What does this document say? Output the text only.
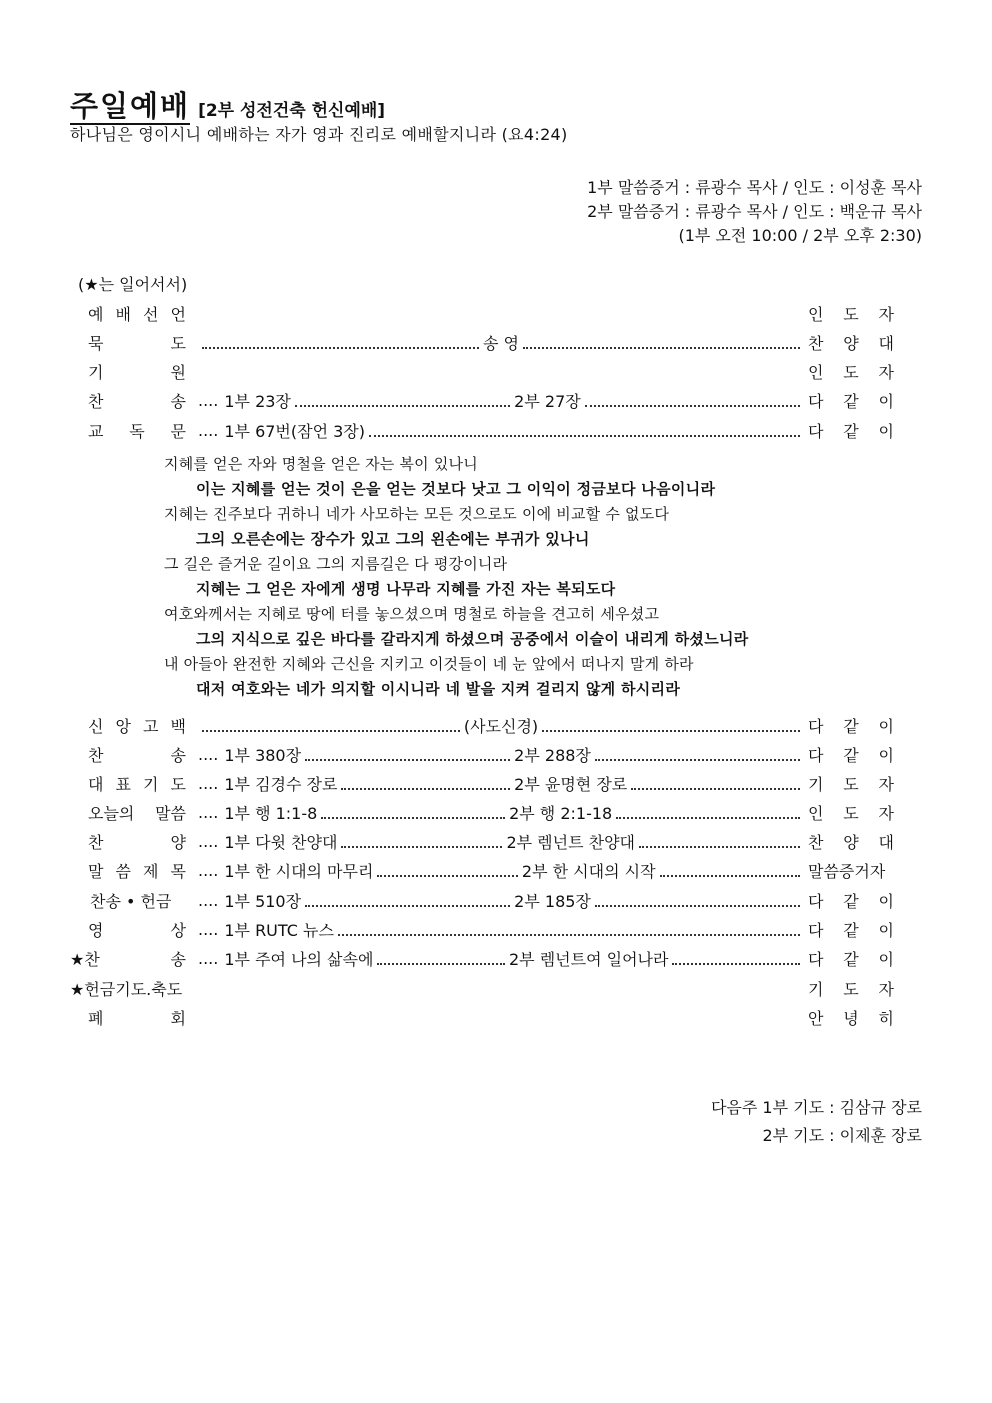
주일예배 [2부 성전건축 헌신예배]
하나님은 영이시니 예배하는 자가 영과 진리로 예배할지니라 (요4:24)
1부 말씀증거 : 류광수 목사 / 인도 : 이성훈 목사
2부 말씀증거 : 류광수 목사 / 인도 : 백운규 목사
(1부 오전 10:00 / 2부 오후 2:30)
(★는 일어서서)
예 배 선 언	인 도 자
묵	도	송 영	찬 양 대
기	원	인 도 자
찬	송 .... 1부 23장	2부 27장	다 같 이
교 독 문 .... 1부 67번(잠언 3장)	다 같 이
지혜를 얻은 자와 명철을 얻은 자는 복이 있나니
이는 지혜를 얻는 것이 은을 얻는 것보다 낫고 그 이익이 정금보다 나음이니라
지혜는 진주보다 귀하니 네가 사모하는 모든 것으로도 이에 비교할 수 없도다
그의 오른손에는 장수가 있고 그의 왼손에는 부귀가 있나니
그 길은 즐거운 길이요 그의 지름길은 다 평강이니라
지혜는 그 얻은 자에게 생명 나무라 지혜를 가진 자는 복되도다
여호와께서는 지혜로 땅에 터를 놓으셨으며 명철로 하늘을 견고히 세우셨고
그의 지식으로 깊은 바다를 갈라지게 하셨으며 공중에서 이슬이 내리게 하셨느니라
내 아들아 완전한 지혜와 근신을 지키고 이것들이 네 눈 앞에서 떠나지 말게 하라
대저 여호와는 네가 의지할 이시니라 네 발을 지켜 걸리지 않게 하시리라
신 앙 고 백	(사도신경)	다 같 이
찬	송 .... 1부 380장	2부 288장	다 같 이
대 표 기 도 .... 1부 김경수 장로	2부 윤명현 장로	기 도 자
오늘의 말씀 .... 1부 행 1:1-8	2부 행 2:1-18	인 도 자
찬	양 .... 1부 다윗 찬양대	2부 렘넌트 찬양대	찬 양 대
말 씀 제 목 .... 1부 한 시대의 마무리	2부 한 시대의 시작	말씀증거자
찬송 • 헌금 .... 1부 510장	2부 185장	다 같 이
영	상 .... 1부 RUTC 뉴스	다 같 이
★찬	송 .... 1부 주여 나의 삶속에	2부 렘넌트여 일어나라	다 같 이
★헌금기도.축도	기 도 자
폐	회	안 녕 히
다음주 1부 기도 : 김삼규 장로
2부 기도 : 이제훈 장로
